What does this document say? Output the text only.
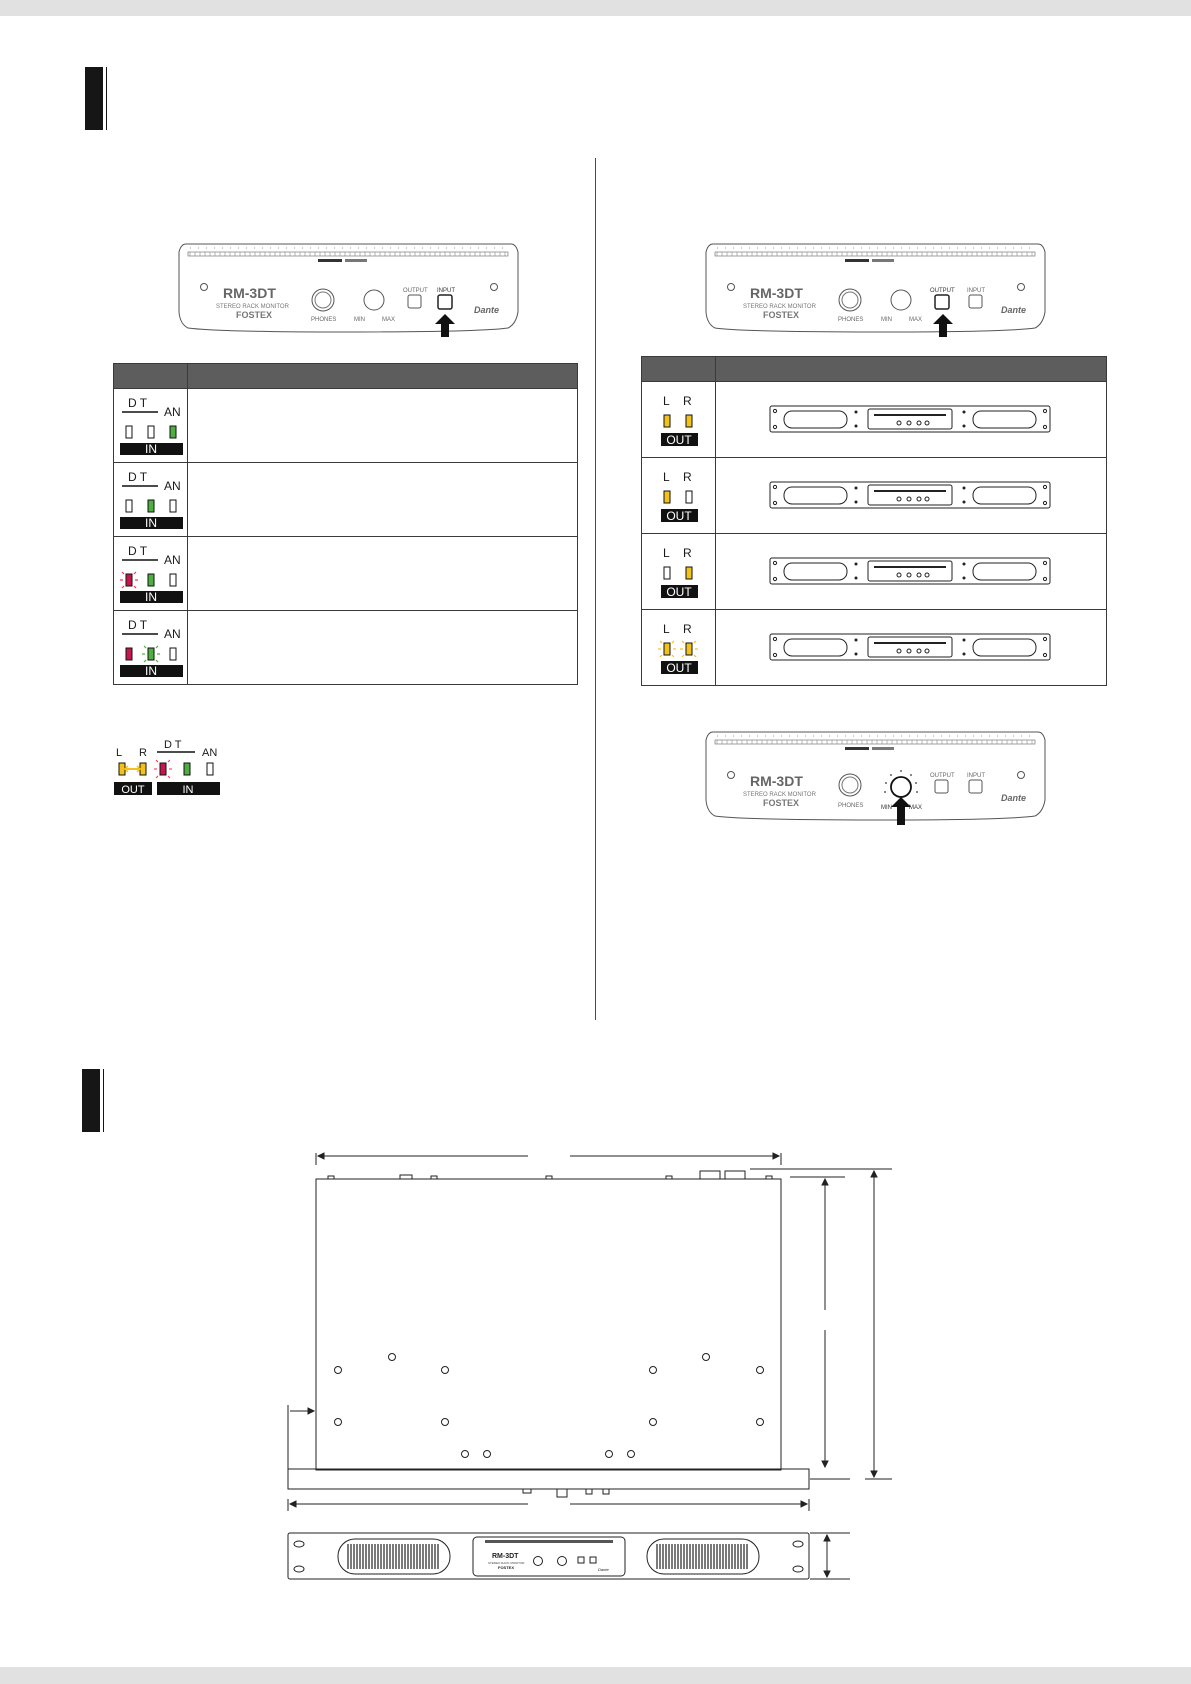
RM-3DT
STEREO RACK MONITOR
FOSTEX	PHONES	MIN	MAX
OUTPUT INPUT
Dante
RM-3DT
STEREO RACK MONITOR
FOSTEX	PHONES	MIN	MAX
OUTPUT INPUT
Dante
RM-3DT
STEREO RACK MONITOR
FOSTEX	PHONES	MIN	MAX
OUTPUT INPUT
Dante

D T
AN
IN	

D T
AN
IN	

D T
AN
IN	

D T
AN
IN	

L R
OUT

L R
OUT

L R
OUT

L R
OUT

L R
OUT
D T
AN
IN
RM-3DT
STEREO RACK MONITOR
FOSTEX	Dante
